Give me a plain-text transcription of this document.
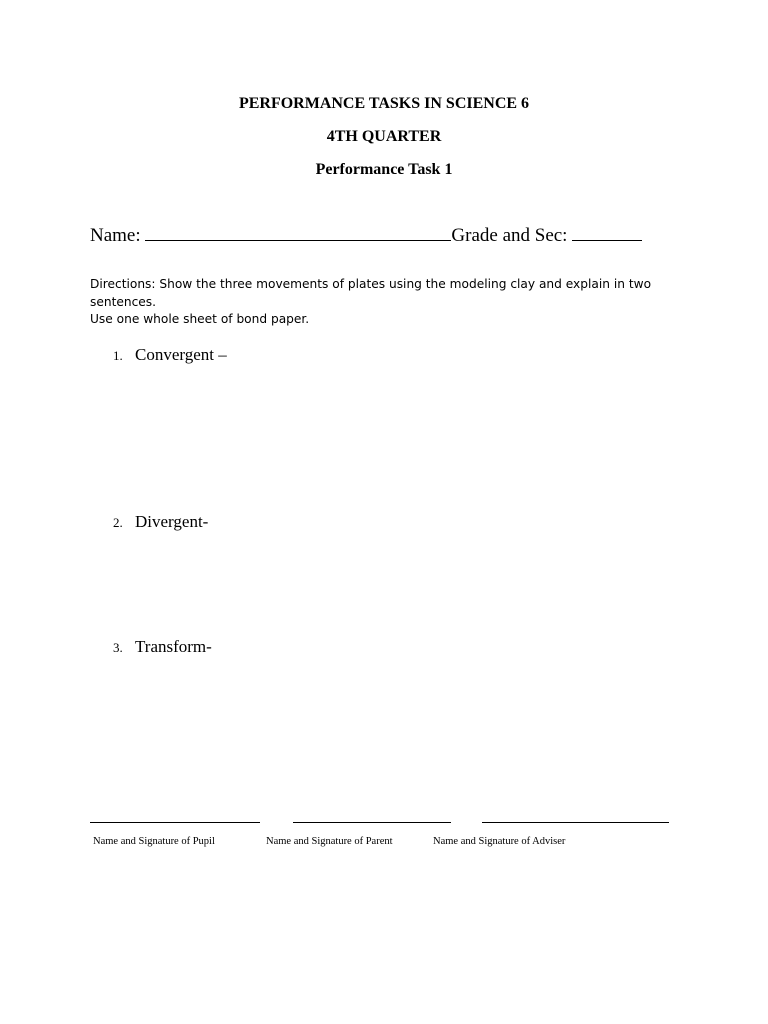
PERFORMANCE TASKS IN SCIENCE 6
4TH QUARTER
Performance Task 1
Name:	Grade and Sec:
Directions: Show the three movements of plates using the modeling clay and explain in two sentences.
Use one whole sheet of bond paper.
1. Convergent –
2. Divergent-
3. Transform-
Name and Signature of Pupil	Name and Signature of Parent	Name and Signature of Adviser
